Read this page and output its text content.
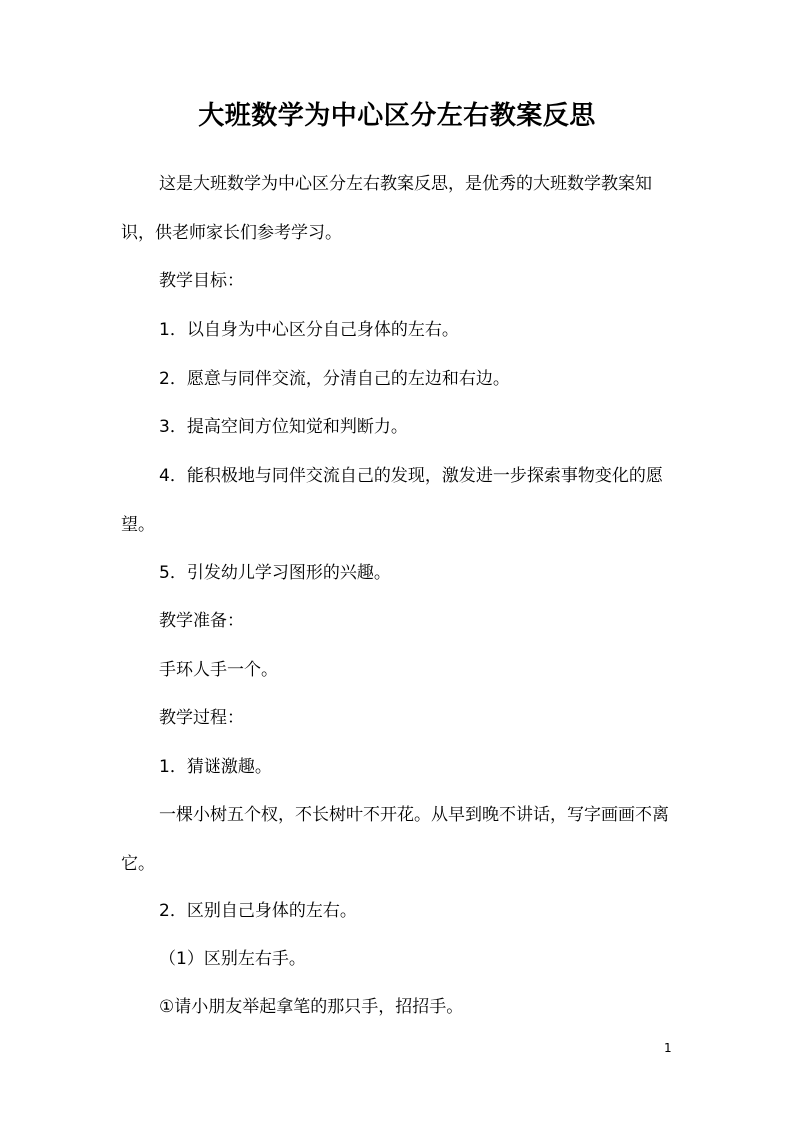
大班数学为中心区分左右教案反思

这是大班数学为中心区分左右教案反思，是优秀的大班数学教案知识，供老师家长们参考学习。

教学目标：

1．以自身为中心区分自己身体的左右。

2．愿意与同伴交流，分清自己的左边和右边。

3．提高空间方位知觉和判断力。

4．能积极地与同伴交流自己的发现，激发进一步探索事物变化的愿望。

5．引发幼儿学习图形的兴趣。

教学准备：

手环人手一个。

教学过程：

1．猜谜激趣。

一棵小树五个杈，不长树叶不开花。从早到晚不讲话，写字画画不离它。

2．区别自己身体的左右。

（1）区别左右手。

①请小朋友举起拿笔的那只手，招招手。

1
